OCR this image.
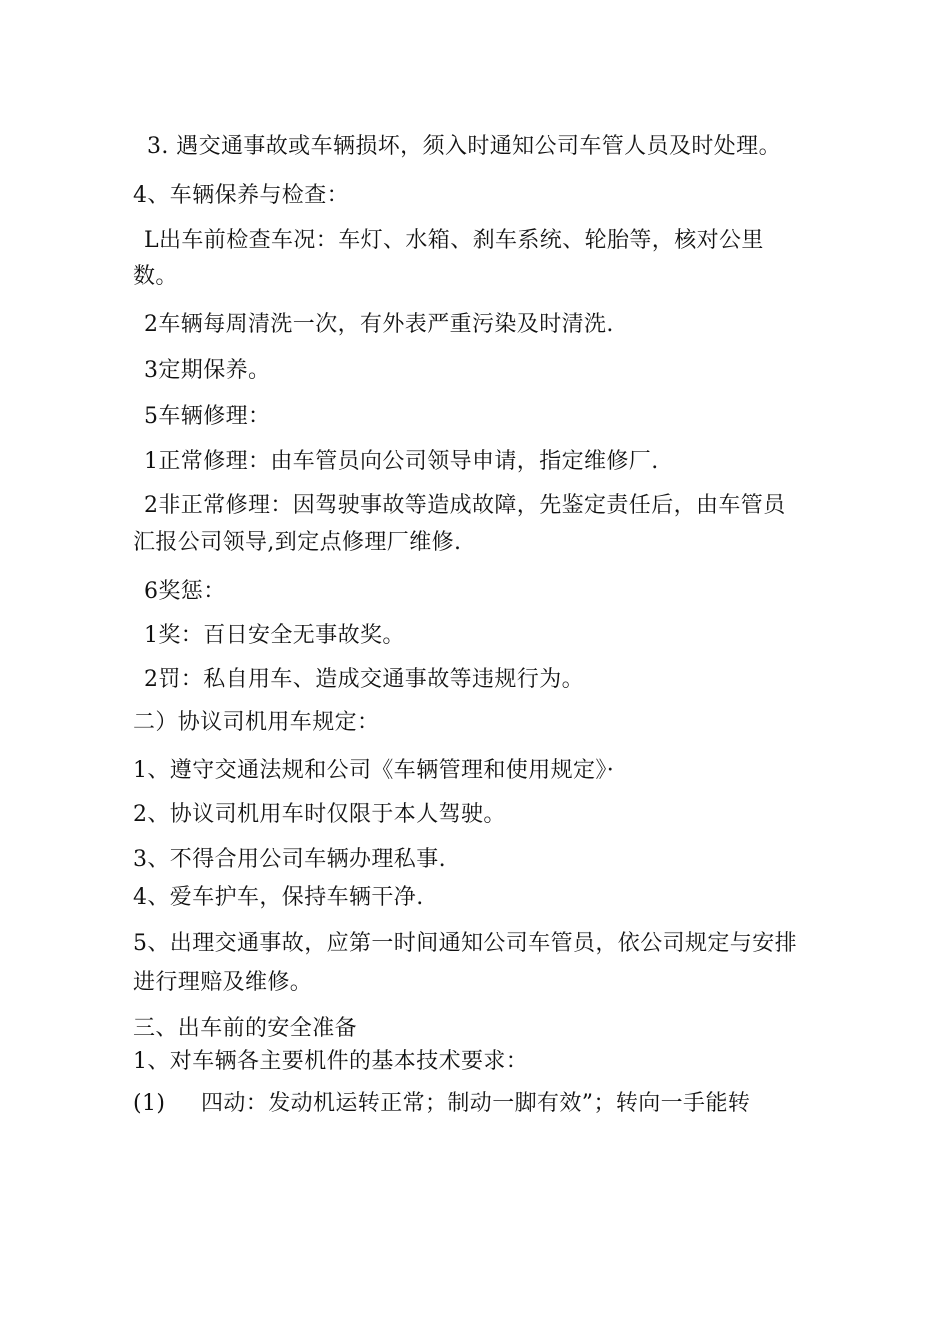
3. 遇交通事故或车辆损坏，须入时通知公司车管人员及时处理。
4、车辆保养与检查：
L出车前检查车况：车灯、水箱、刹车系统、轮胎等，核对公里
数。
2车辆每周清洗一次，有外表严重污染及时清洗.
3定期保养。
5车辆修理：
1正常修理：由车管员向公司领导申请，指定维修厂.
2非正常修理：因驾驶事故等造成故障，先鉴定责任后，由车管员
汇报公司领导,到定点修理厂维修.
6奖惩：
1奖：百日安全无事故奖。
2罚：私自用车、造成交通事故等违规行为。
二）协议司机用车规定：
1、遵守交通法规和公司《车辆管理和使用规定》·
2、协议司机用车时仅限于本人驾驶。
3、不得合用公司车辆办理私事.
4、爱车护车，保持车辆干净.
5、出理交通事故，应第一时间通知公司车管员，依公司规定与安排
进行理赔及维修。
三、出车前的安全准备
1、对车辆各主要机件的基本技术要求：
(1) 四动：发动机运转正常；制动一脚有效”；转向一手能转
